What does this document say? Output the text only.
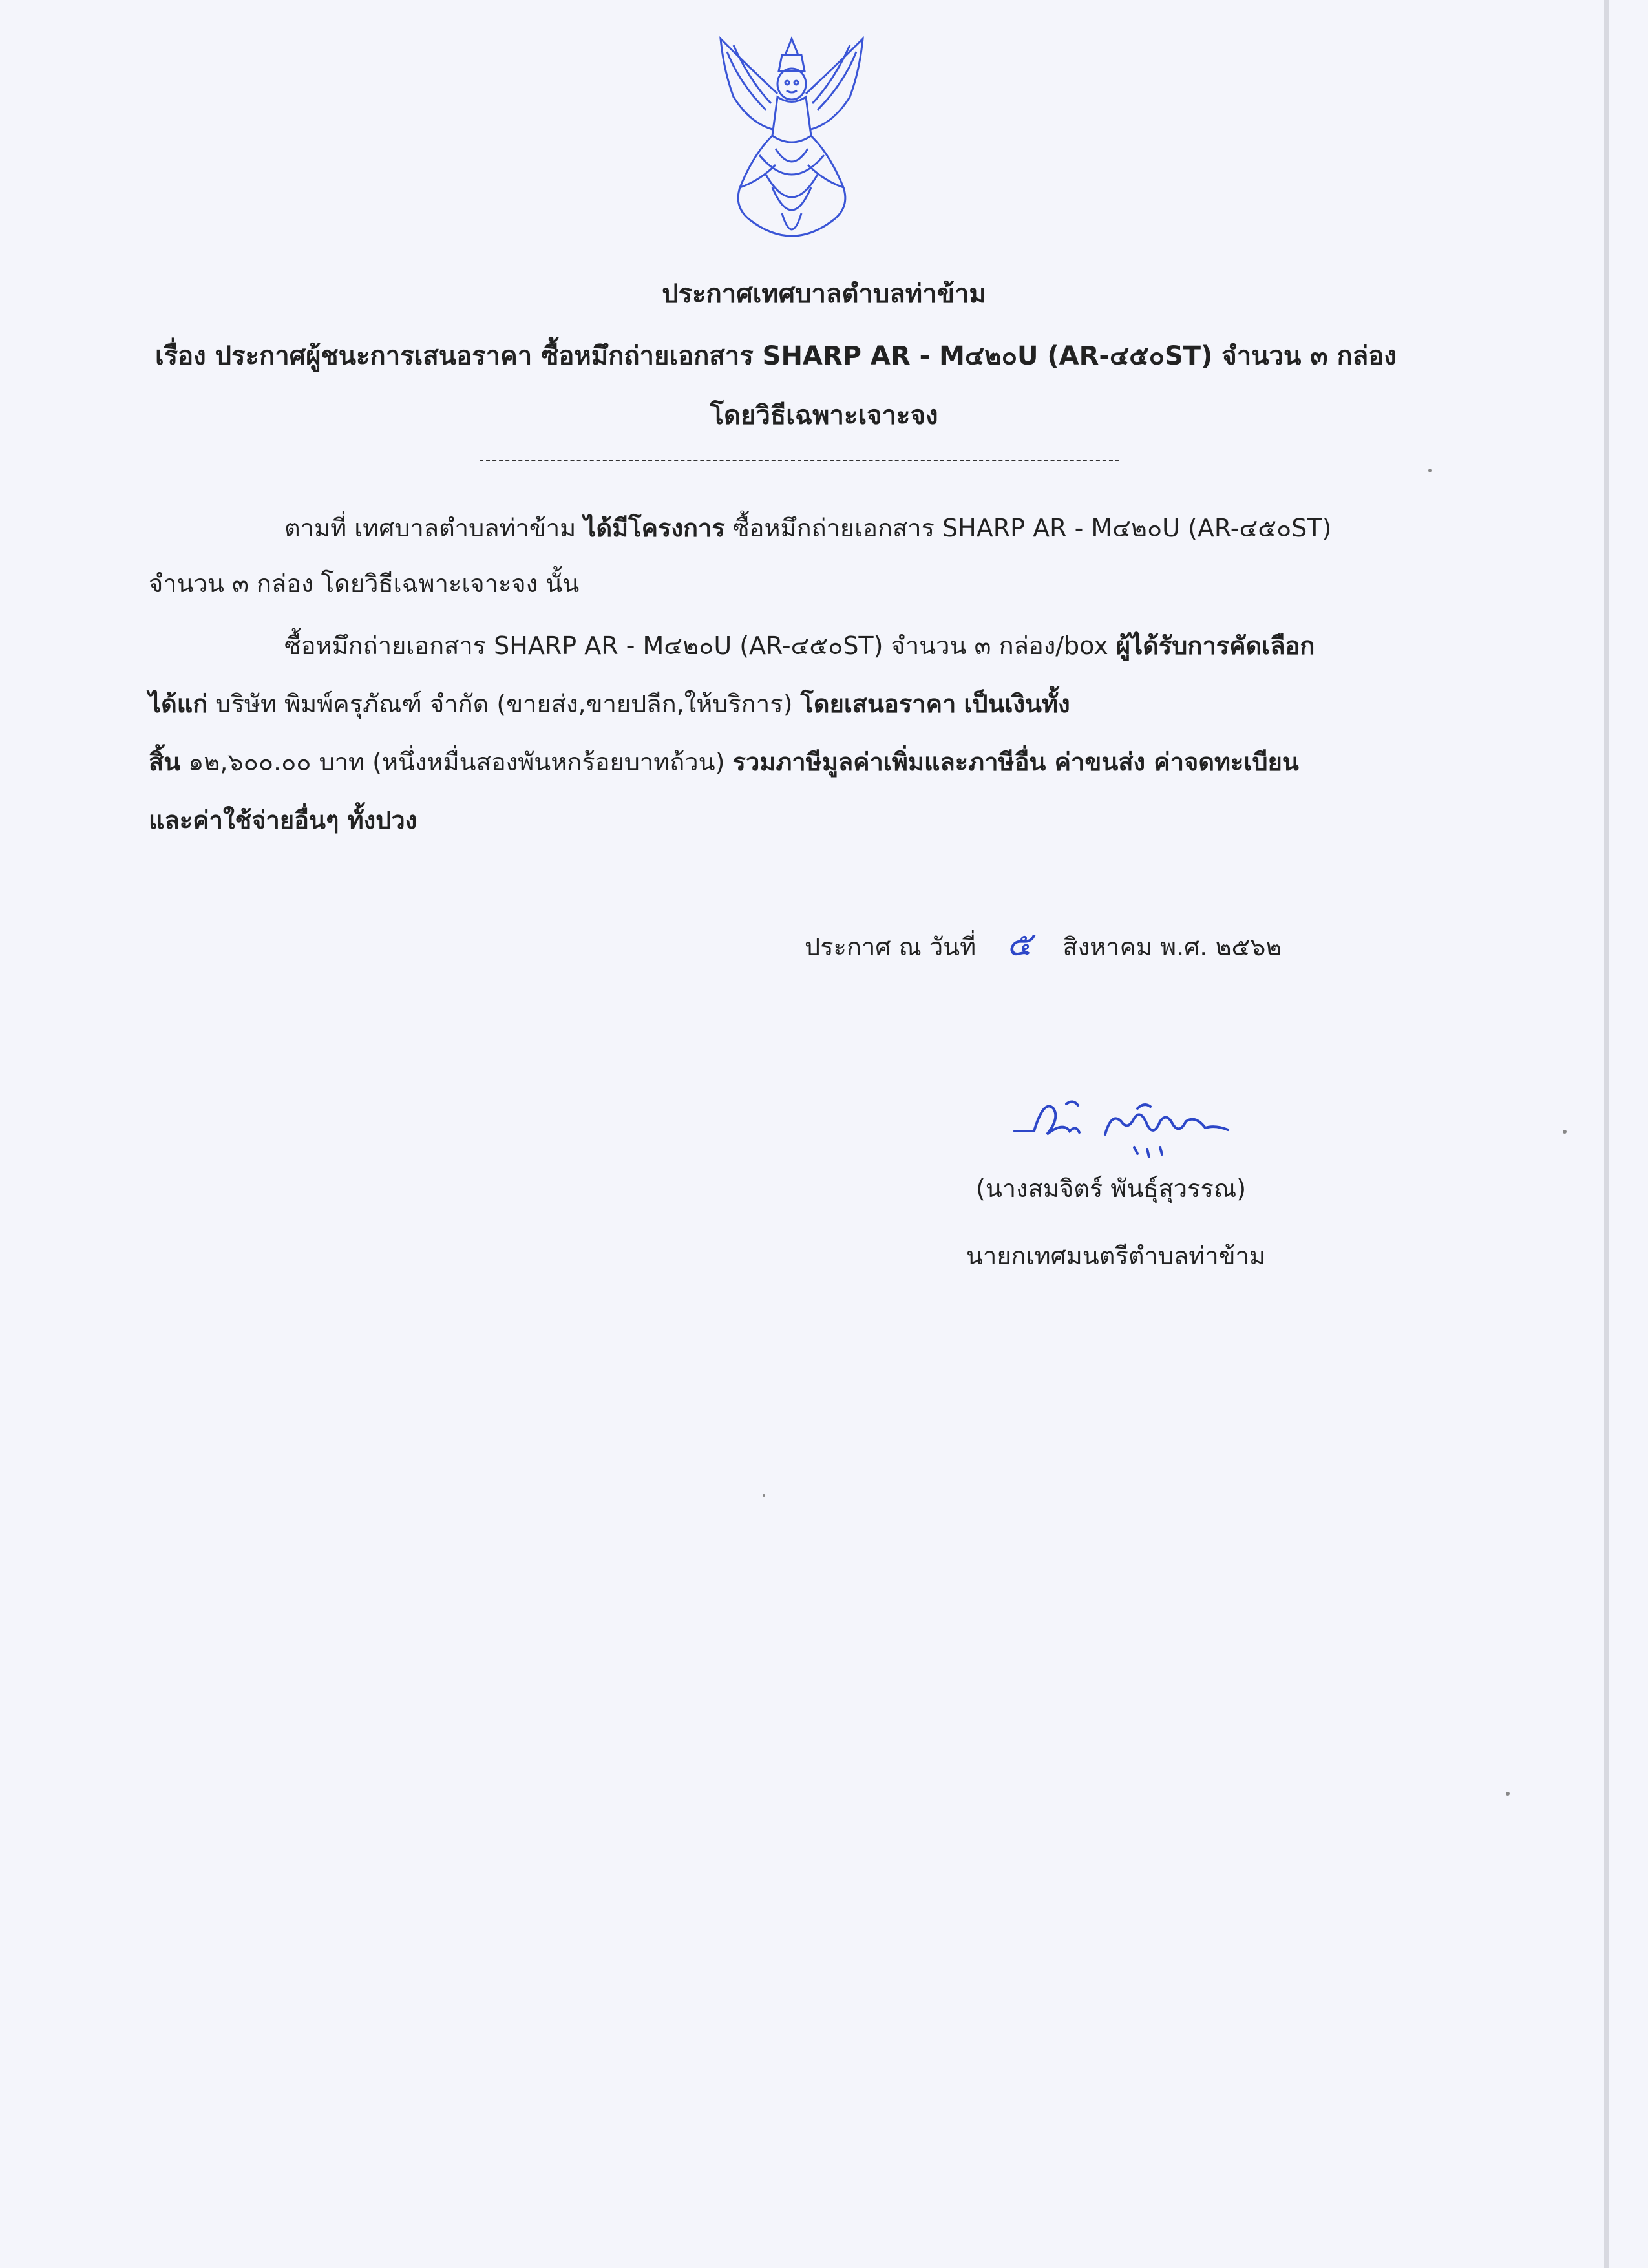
ประกาศเทศบาลตำบลท่าข้าม
เรื่อง ประกาศผู้ชนะการเสนอราคา ซื้อหมึกถ่ายเอกสาร SHARP AR - M๔๒๐U (AR-๔๕๐ST) จำนวน ๓ กล่อง
โดยวิธีเฉพาะเจาะจง
ตามที่ เทศบาลตำบลท่าข้าม ได้มีโครงการ ซื้อหมึกถ่ายเอกสาร SHARP AR - M๔๒๐U (AR-๔๕๐ST)
จำนวน ๓ กล่อง โดยวิธีเฉพาะเจาะจง นั้น
ซื้อหมึกถ่ายเอกสาร SHARP AR - M๔๒๐U (AR-๔๕๐ST) จำนวน ๓ กล่อง/box ผู้ได้รับการคัดเลือก
ได้แก่ บริษัท พิมพ์ครุภัณฑ์ จำกัด (ขายส่ง,ขายปลีก,ให้บริการ) โดยเสนอราคา เป็นเงินทั้ง
สิ้น ๑๒,๖๐๐.๐๐ บาท (หนึ่งหมื่นสองพันหกร้อยบาทถ้วน) รวมภาษีมูลค่าเพิ่มและภาษีอื่น ค่าขนส่ง ค่าจดทะเบียน
และค่าใช้จ่ายอื่นๆ ทั้งปวง
ประกาศ ณ วันที่ ๕ สิงหาคม พ.ศ. ๒๕๖๒
(นางสมจิตร์ พันธุ์สุวรรณ)
นายกเทศมนตรีตำบลท่าข้าม
